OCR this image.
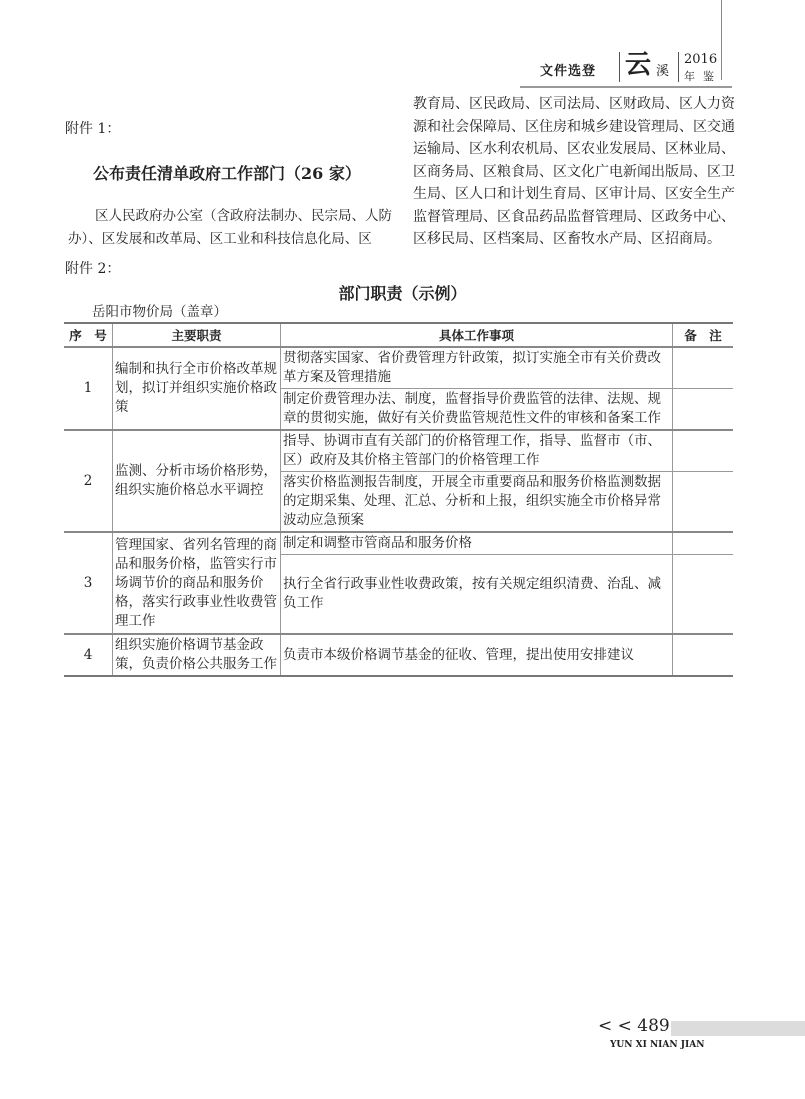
文件选登 云 溪
2016
年鉴
附件 1：
公布责任清单政府工作部门（26 家）
区人民政府办公室（含政府法制办、民宗局、人防办）、区发展和改革局、区工业和科技信息化局、区
教育局、区民政局、区司法局、区财政局、区人力资源和社会保障局、区住房和城乡建设管理局、区交通运输局、区水利农机局、区农业发展局、区林业局、区商务局、区粮食局、区文化广电新闻出版局、区卫生局、区人口和计划生育局、区审计局、区安全生产监督管理局、区食品药品监督管理局、区政务中心、区移民局、区档案局、区畜牧水产局、区招商局。
附件 2：
部门职责（示例）
岳阳市物价局（盖章）
序　号	主要职责	具体工作事项	备　注
1	编制和执行全市价格改革规划，拟订并组织实施价格政策	贯彻落实国家、省价费管理方针政策，拟订实施全市有关价费改革方案及管理措施	
		制定价费管理办法、制度，监督指导价费监管的法律、法规、规章的贯彻实施，做好有关价费监管规范性文件的审核和备案工作	
2	监测、分析市场价格形势，组织实施价格总水平调控	指导、协调市直有关部门的价格管理工作，指导、监督市（市、区）政府及其价格主管部门的价格管理工作	
		落实价格监测报告制度，开展全市重要商品和服务价格监测数据的定期采集、处理、汇总、分析和上报，组织实施全市价格异常波动应急预案	
3	管理国家、省列名管理的商品和服务价格，监管实行市场调节价的商品和服务价格，落实行政事业性收费管理工作	制定和调整市管商品和服务价格	
		执行全省行政事业性收费政策，按有关规定组织清费、治乱、减负工作	
4	组织实施价格调节基金政策，负责价格公共服务工作	负责市本级价格调节基金的征收、管理，提出使用安排建议	
< < 489
YUN XI NIAN JIAN
